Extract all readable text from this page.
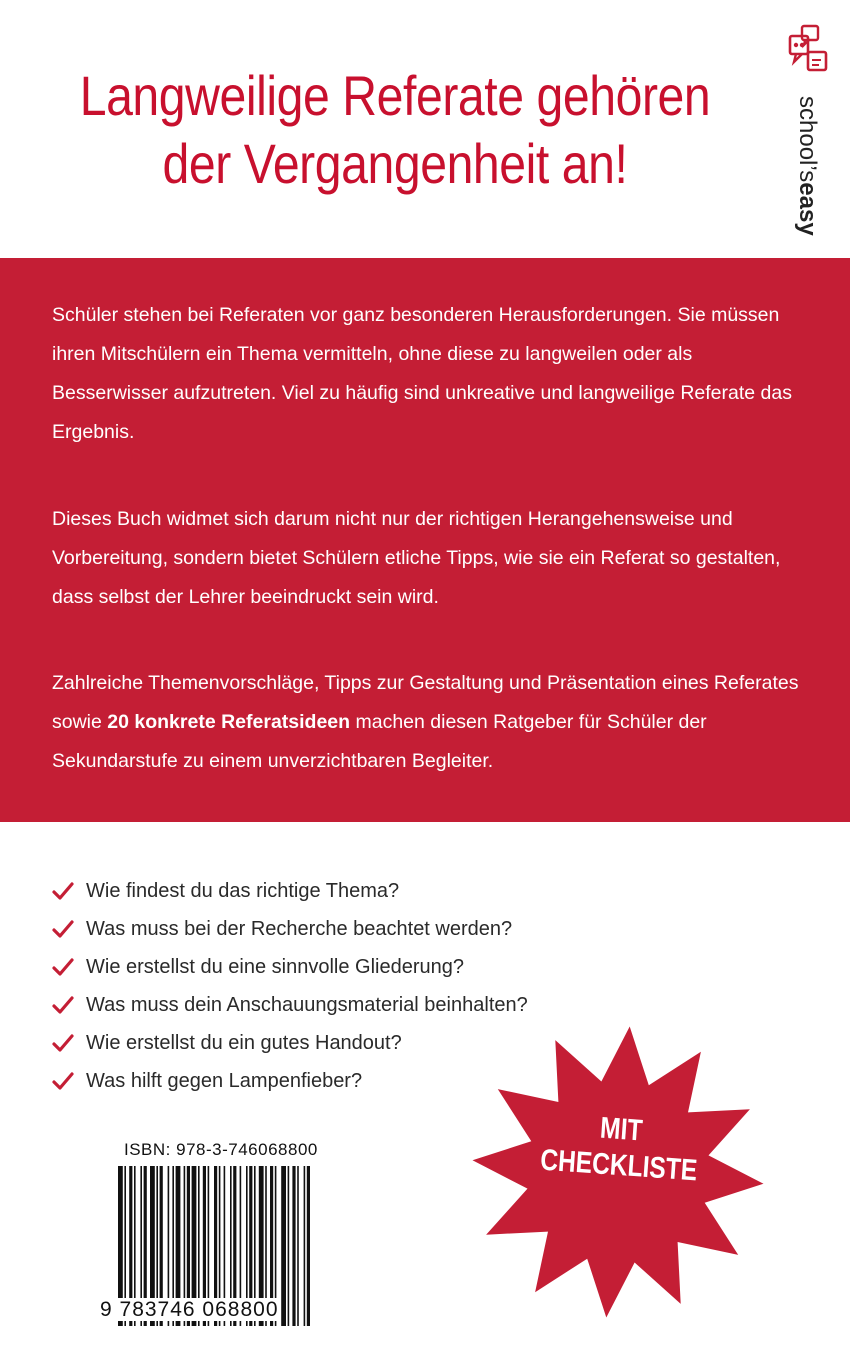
Langweilige Referate gehören
der Vergangenheit an!	school’seasy

Schüler stehen bei Referaten vor ganz besonderen Herausforderungen. Sie müssen ihren Mitschülern ein Thema vermitteln, ohne diese zu langweilen oder als Besserwisser aufzutreten. Viel zu häufig sind unkreative und langweilige Referate das Ergebnis.

Dieses Buch widmet sich darum nicht nur der richtigen Herangehensweise und Vorbereitung, sondern bietet Schülern etliche Tipps, wie sie ein Referat so gestalten, dass selbst der Lehrer beeindruckt sein wird.

Zahlreiche Themenvorschläge, Tipps zur Gestaltung und Präsentation eines Referates sowie 20 konkrete Referatsideen machen diesen Ratgeber für Schüler der Sekundarstufe zu einem unverzichtbaren Begleiter.

Wie findest du das richtige Thema?
Was muss bei der Recherche beachtet werden?
Wie erstellst du eine sinnvolle Gliederung?
Was muss dein Anschauungsmaterial beinhalten?
Wie erstellst du ein gutes Handout?
Was hilft gegen Lampenfieber?
ISBN: 978-3-746068800
9 783746 068800
MIT
CHECKLISTE
